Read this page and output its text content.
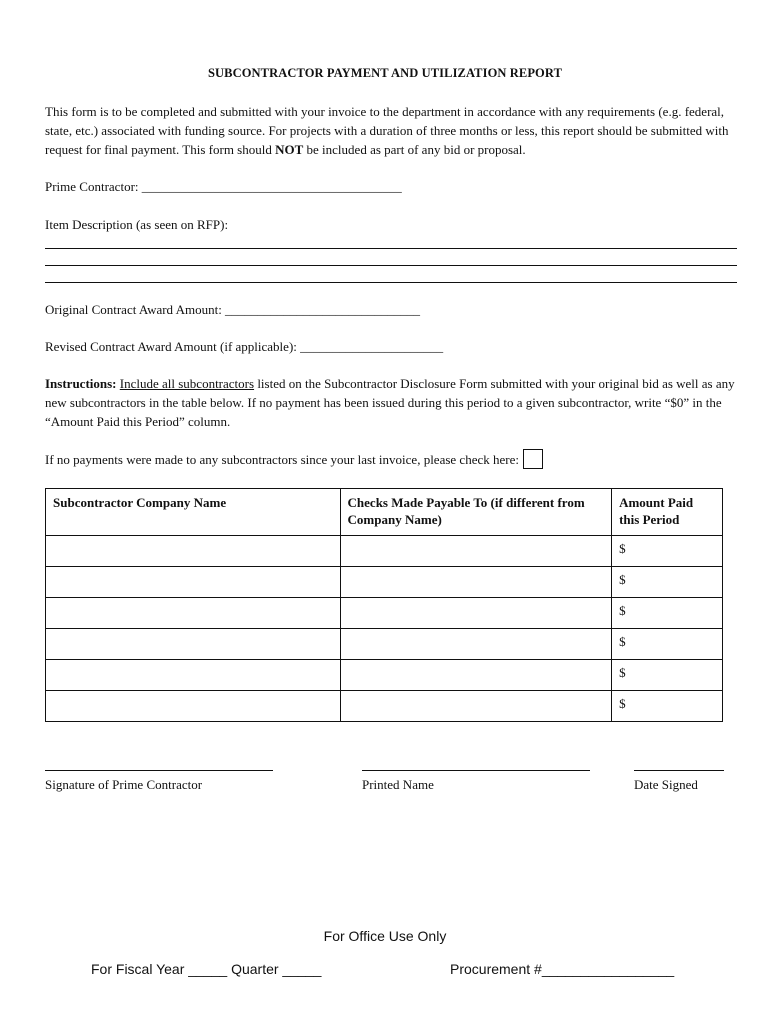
SUBCONTRACTOR PAYMENT AND UTILIZATION REPORT
This form is to be completed and submitted with your invoice to the department in accordance with any requirements (e.g. federal, state, etc.) associated with funding source. For projects with a duration of three months or less, this report should be submitted with request for final payment. This form should NOT be included as part of any bid or proposal.
Prime Contractor: ________________________________________
Item Description (as seen on RFP):
Original Contract Award Amount: ______________________________
Revised Contract Award Amount (if applicable): ______________________
Instructions: Include all subcontractors listed on the Subcontractor Disclosure Form submitted with your original bid as well as any new subcontractors in the table below. If no payment has been issued during this period to a given subcontractor, write “$0” in the “Amount Paid this Period” column.
If no payments were made to any subcontractors since your last invoice, please check here:
Subcontractor Company Name	Checks Made Payable To (if different from Company Name)	Amount Paid this Period
		$
		$
		$
		$
		$
		$
Signature of Prime Contractor	Printed Name	Date Signed
For Office Use Only
For Fiscal Year _____ Quarter _____	Procurement #_________________
